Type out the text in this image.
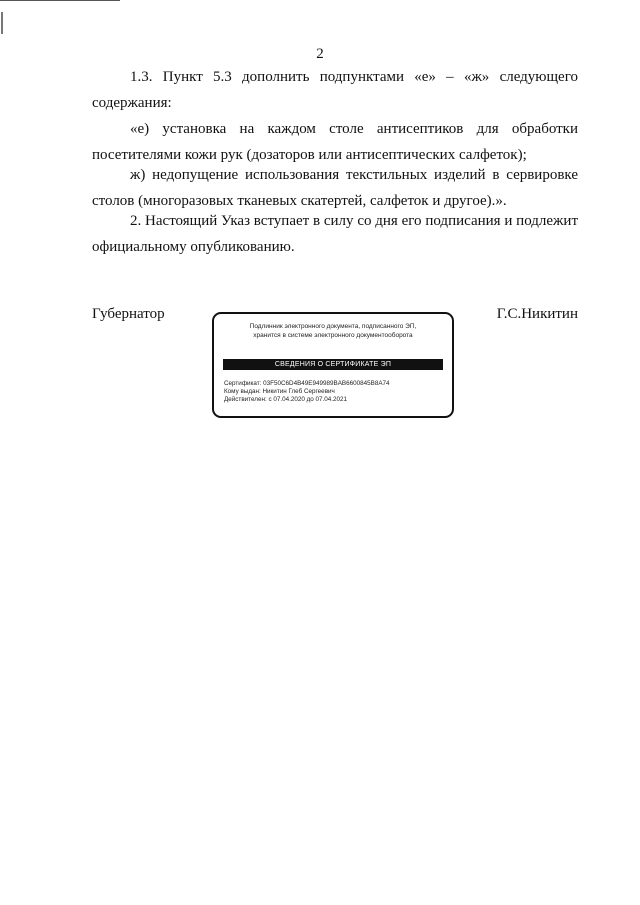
2

1.3. Пункт 5.3 дополнить подпунктами «е» – «ж» следующего содержания:

«е) установка на каждом столе антисептиков для обработки посетителями кожи рук (дозаторов или антисептических салфеток);

ж) недопущение использования текстильных изделий в сервировке столов (многоразовых тканевых скатертей, салфеток и другое).».

2. Настоящий Указ вступает в силу со дня его подписания и подлежит официальному опубликованию.

Губернатор	Г.С.Никитин
Подлинник электронного документа, подписанного ЭП,
хранится в системе электронного документооборота
СВЕДЕНИЯ О СЕРТИФИКАТЕ ЭП
Сертификат: 03F50C6D4B49E949989BAB6600845B8A74
Кому выдан: Никитин Глеб Сергеевич
Действителен: с 07.04.2020 до 07.04.2021
